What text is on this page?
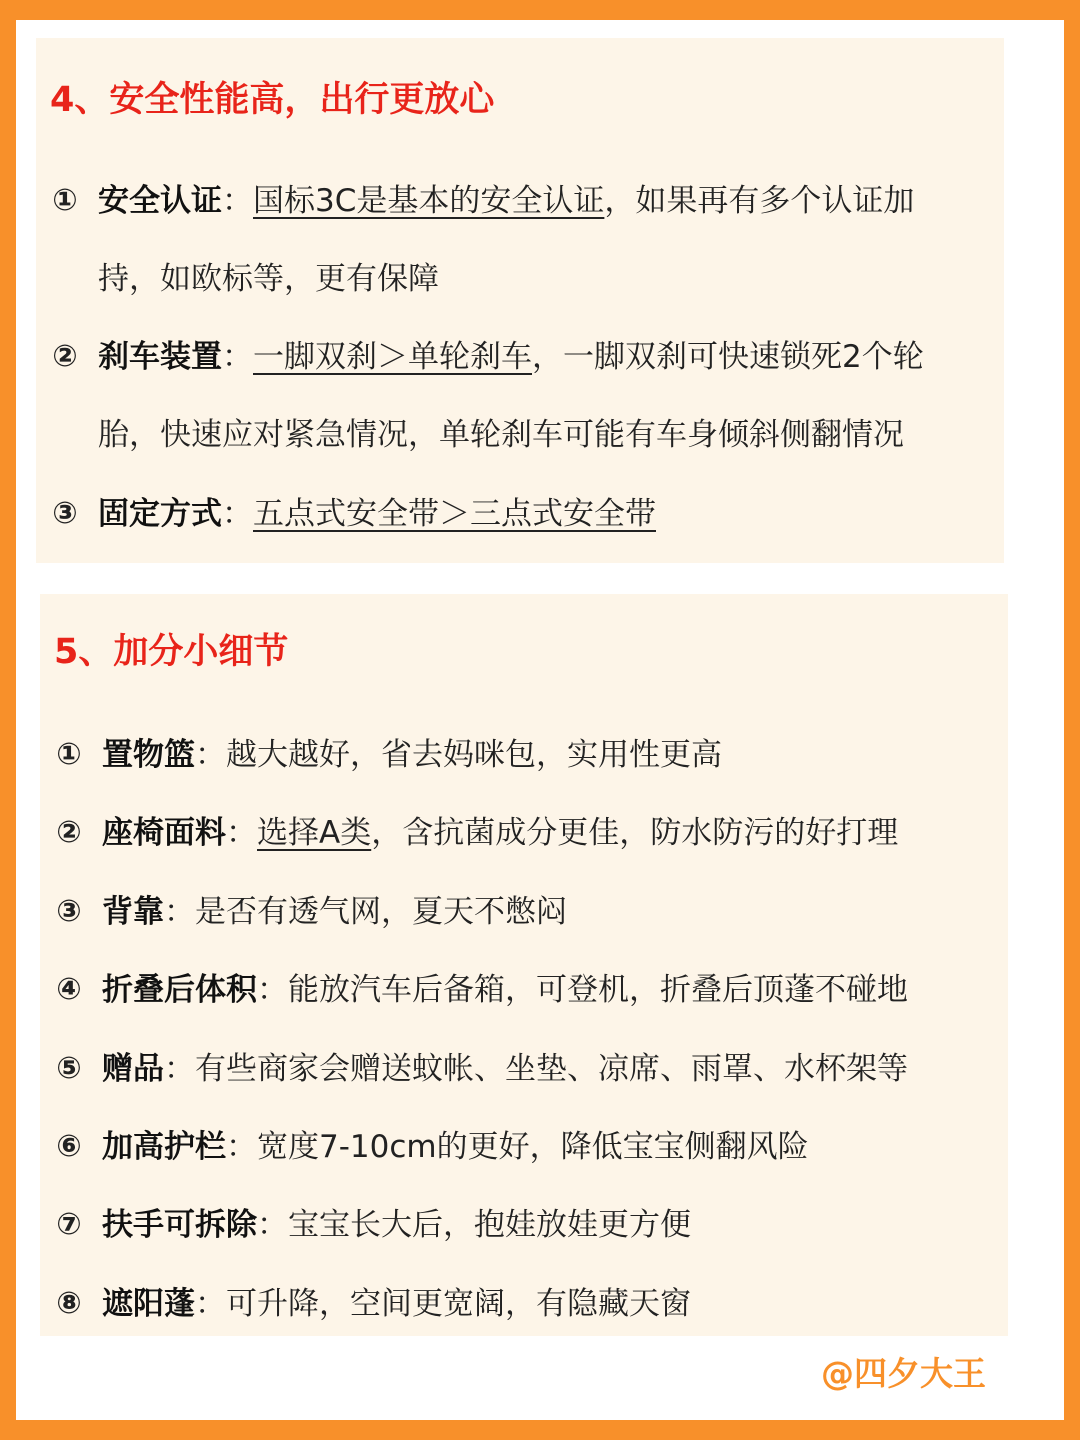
4、安全性能高，出行更放心
① 安全认证：国标3C是基本的安全认证，如果再有多个认证加持，如欧标等，更有保障
② 刹车装置：一脚双刹＞单轮刹车，一脚双刹可快速锁死2个轮胎，快速应对紧急情况，单轮刹车可能有车身倾斜侧翻情况
③ 固定方式：五点式安全带＞三点式安全带
5、加分小细节
① 置物篮：越大越好，省去妈咪包，实用性更高
② 座椅面料：选择A类，含抗菌成分更佳，防水防污的好打理
③ 背靠：是否有透气网，夏天不憋闷
④ 折叠后体积：能放汽车后备箱，可登机，折叠后顶蓬不碰地
⑤ 赠品：有些商家会赠送蚊帐、坐垫、凉席、雨罩、水杯架等
⑥ 加高护栏：宽度7-10cm的更好，降低宝宝侧翻风险
⑦ 扶手可拆除：宝宝长大后，抱娃放娃更方便
⑧ 遮阳蓬：可升降，空间更宽阔，有隐藏天窗
@四夕大王
